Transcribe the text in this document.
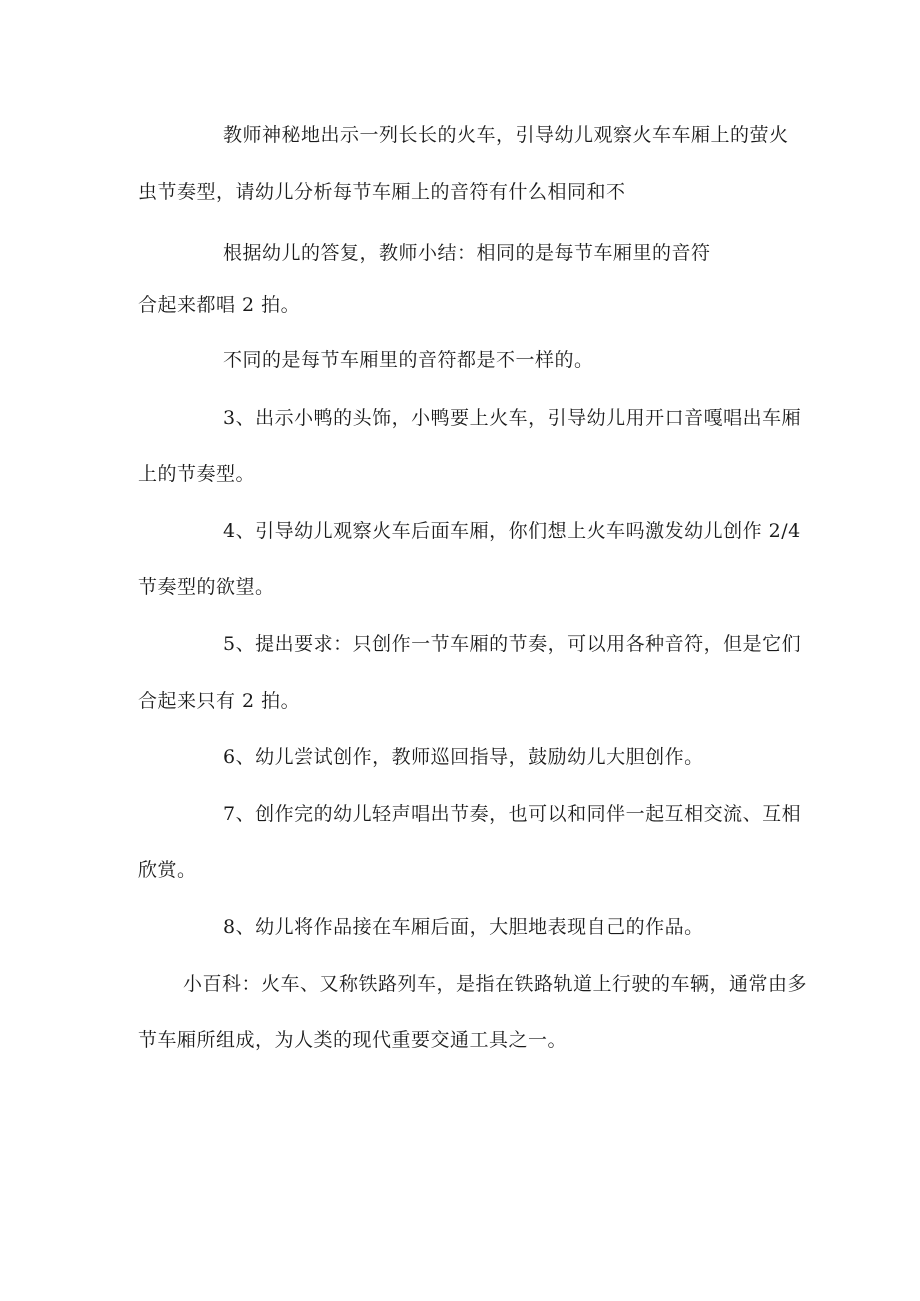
教师神秘地出示一列长长的火车，引导幼儿观察火车车厢上的萤火
虫节奏型，请幼儿分析每节车厢上的音符有什么相同和不
根据幼儿的答复，教师小结：相同的是每节车厢里的音符
合起来都唱 2 拍。
不同的是每节车厢里的音符都是不一样的。
3、出示小鸭的头饰，小鸭要上火车，引导幼儿用开口音嘎唱出车厢
上的节奏型。
4、引导幼儿观察火车后面车厢，你们想上火车吗激发幼儿创作 2/4
节奏型的欲望。
5、提出要求：只创作一节车厢的节奏，可以用各种音符，但是它们
合起来只有 2 拍。
6、幼儿尝试创作，教师巡回指导，鼓励幼儿大胆创作。
7、创作完的幼儿轻声唱出节奏，也可以和同伴一起互相交流、互相
欣赏。
8、幼儿将作品接在车厢后面，大胆地表现自己的作品。
小百科：火车、又称铁路列车，是指在铁路轨道上行驶的车辆，通常由多
节车厢所组成，为人类的现代重要交通工具之一。
